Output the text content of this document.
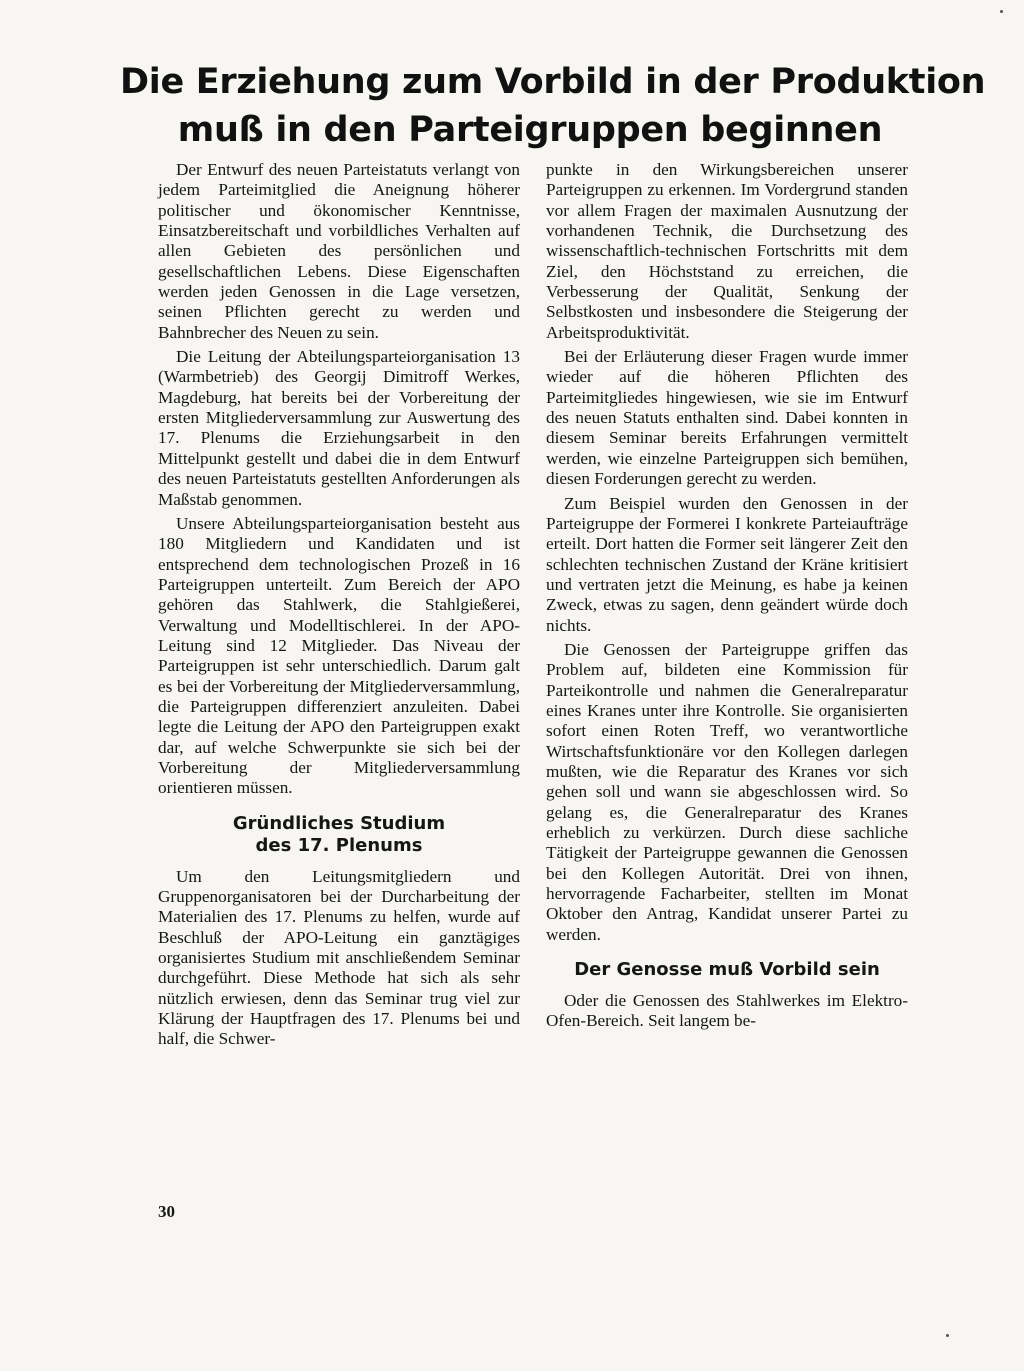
Die Erziehung zum Vorbild in der Produktion
muß in den Parteigruppen beginnen

Der Entwurf des neuen Parteistatuts verlangt von jedem Parteimitglied die Aneignung höherer politischer und ökonomischer Kenntnisse, Einsatzbereitschaft und vorbildliches Verhalten auf allen Gebieten des persönlichen und gesellschaftlichen Lebens. Diese Eigenschaften werden jeden Genossen in die Lage versetzen, seinen Pflichten gerecht zu werden und Bahnbrecher des Neuen zu sein.

Die Leitung der Abteilungsparteiorganisation 13 (Warmbetrieb) des Georgij Dimitroff Werkes, Magdeburg, hat bereits bei der Vorbereitung der ersten Mitgliederversammlung zur Auswertung des 17. Plenums die Erziehungsarbeit in den Mittelpunkt gestellt und dabei die in dem Entwurf des neuen Parteistatuts gestellten Anforderungen als Maßstab genommen.

Unsere Abteilungsparteiorganisation besteht aus 180 Mitgliedern und Kandidaten und ist entsprechend dem technologischen Prozeß in 16 Parteigruppen unterteilt. Zum Bereich der APO gehören das Stahlwerk, die Stahlgießerei, Verwaltung und Modelltischlerei. In der APO-Leitung sind 12 Mitglieder. Das Niveau der Parteigruppen ist sehr unterschiedlich. Darum galt es bei der Vorbereitung der Mitgliederversammlung, die Parteigruppen differenziert anzuleiten. Dabei legte die Leitung der APO den Parteigruppen exakt dar, auf welche Schwerpunkte sie sich bei der Vorbereitung der Mitgliederversammlung orientieren müssen.

Gründliches Studium
des 17. Plenums

Um den Leitungsmitgliedern und Gruppenorganisatoren bei der Durcharbeitung der Materialien des 17. Plenums zu helfen, wurde auf Beschluß der APO-Leitung ein ganztägiges organisiertes Studium mit anschließendem Seminar durchgeführt. Diese Methode hat sich als sehr nützlich erwiesen, denn das Seminar trug viel zur Klärung der Hauptfragen des 17. Plenums bei und half, die Schwer-

punkte in den Wirkungsbereichen unserer Parteigruppen zu erkennen. Im Vordergrund standen vor allem Fragen der maximalen Ausnutzung der vorhandenen Technik, die Durchsetzung des wissenschaftlich-technischen Fortschritts mit dem Ziel, den Höchststand zu erreichen, die Verbesserung der Qualität, Senkung der Selbstkosten und insbesondere die Steigerung der Arbeitsproduktivität.

Bei der Erläuterung dieser Fragen wurde immer wieder auf die höheren Pflichten des Parteimitgliedes hingewiesen, wie sie im Entwurf des neuen Statuts enthalten sind. Dabei konnten in diesem Seminar bereits Erfahrungen vermittelt werden, wie einzelne Parteigruppen sich bemühen, diesen Forderungen gerecht zu werden.

Zum Beispiel wurden den Genossen in der Parteigruppe der Formerei I konkrete Parteiaufträge erteilt. Dort hatten die Former seit längerer Zeit den schlechten technischen Zustand der Kräne kritisiert und vertraten jetzt die Meinung, es habe ja keinen Zweck, etwas zu sagen, denn geändert würde doch nichts.

Die Genossen der Parteigruppe griffen das Problem auf, bildeten eine Kommission für Parteikontrolle und nahmen die Generalreparatur eines Kranes unter ihre Kontrolle. Sie organisierten sofort einen Roten Treff, wo verantwortliche Wirtschaftsfunktionäre vor den Kollegen darlegen mußten, wie die Reparatur des Kranes vor sich gehen soll und wann sie abgeschlossen wird. So gelang es, die Generalreparatur des Kranes erheblich zu verkürzen. Durch diese sachliche Tätigkeit der Parteigruppe gewannen die Genossen bei den Kollegen Autorität. Drei von ihnen, hervorragende Facharbeiter, stellten im Monat Oktober den Antrag, Kandidat unserer Partei zu werden.

Der Genosse muß Vorbild sein

Oder die Genossen des Stahlwerkes im Elektro-Ofen-Bereich. Seit langem be-

30
